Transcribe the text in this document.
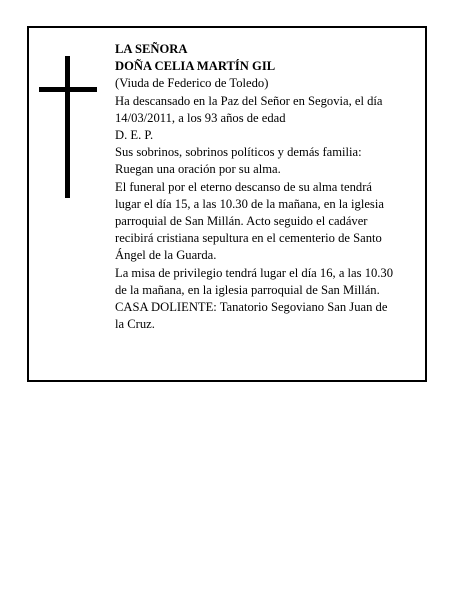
LA SEÑORA
DOÑA CELIA MARTÍN GIL
(Viuda de Federico de Toledo)
Ha descansado en la Paz del Señor en Segovia, el día
14/03/2011, a los 93 años de edad
D. E. P.
Sus sobrinos, sobrinos políticos y demás familia:
Ruegan una oración por su alma.
El funeral por el eterno descanso de su alma tendrá
lugar el día 15, a las 10.30 de la mañana, en la iglesia
parroquial de San Millán. Acto seguido el cadáver
recibirá cristiana sepultura en el cementerio de Santo
Ángel de la Guarda.
La misa de privilegio tendrá lugar el día 16, a las 10.30
de la mañana, en la iglesia parroquial de San Millán.
CASA DOLIENTE: Tanatorio Segoviano San Juan de
la Cruz.
